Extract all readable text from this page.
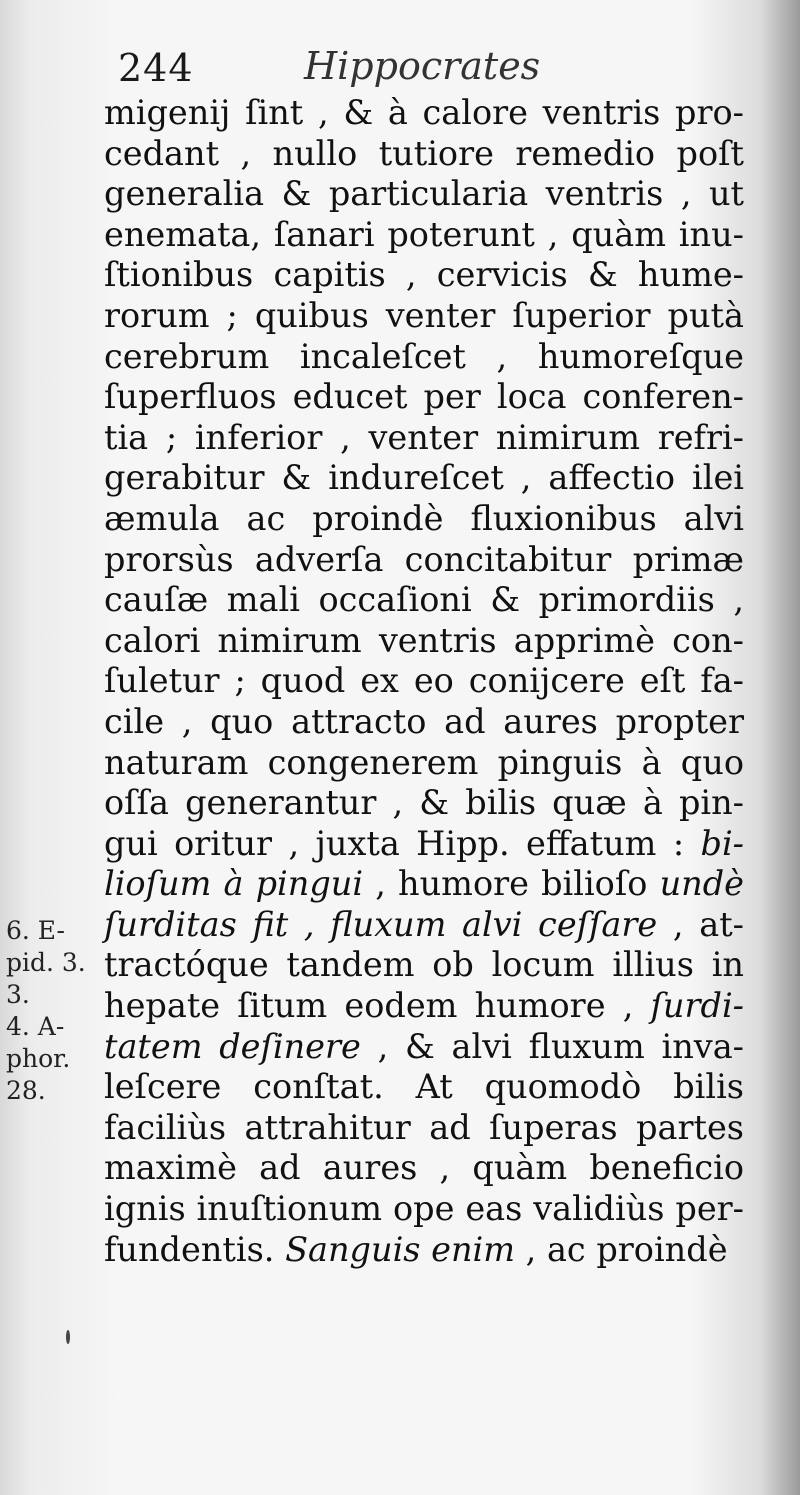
244	Hippocrates
migenij ſint , & à calore ventris pro-
cedant , nullo tutiore remedio poſt
generalia & particularia ventris , ut
enemata, ſanari poterunt , quàm inu-
ſtionibus capitis , cervicis & hume-
rorum ; quibus venter ſuperior putà
cerebrum incaleſcet , humoreſque
ſuperfluos educet per loca conferen-
tia ; inferior , venter nimirum refri-
gerabitur & indureſcet , affectio ilei
æmula ac proindè fluxionibus alvi
prorsùs adverſa concitabitur primæ
cauſæ mali occaſioni & primordiis ,
calori nimirum ventris apprimè con-
ſuletur ; quod ex eo conijcere eſt fa-
cile , quo attracto ad aures propter
naturam congenerem pinguis à quo
oſſa generantur , & bilis quæ à pin-
gui oritur , juxta Hipp. effatum : bi-
lioſum à pingui , humore bilioſo undè
ſurditas fit , fluxum alvi ceſſare , at-
tractóque tandem ob locum illius in
hepate ſitum eodem humore , ſurdi-
tatem deſinere , & alvi fluxum inva-
leſcere conſtat. At quomodò bilis
faciliùs attrahitur ad ſuperas partes
maximè ad aures , quàm beneficio
ignis inuſtionum ope eas validiùs per-
fundentis. Sanguis enim , ac proindè
6. E-
pid. 3.
3.
4. A-
phor.
28.
